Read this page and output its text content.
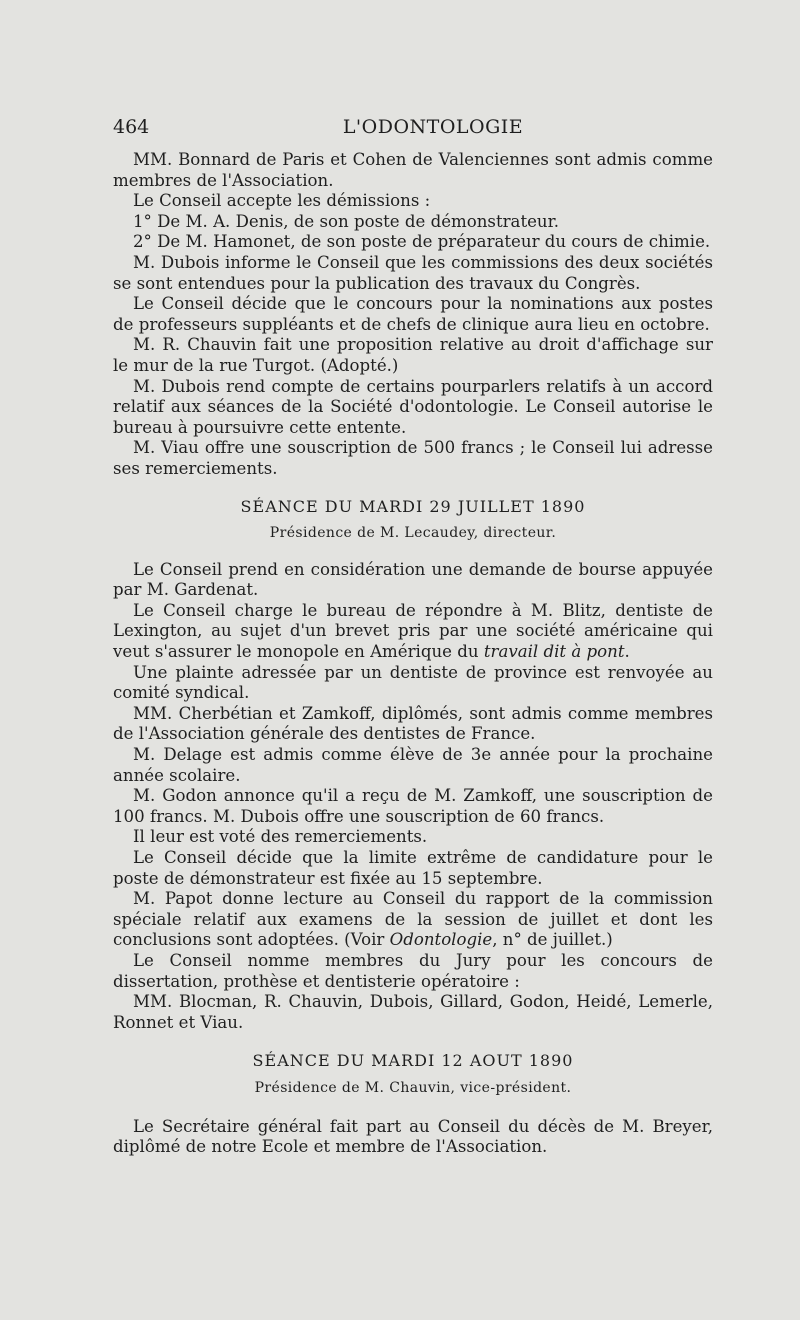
464	L'ODONTOLOGIE

MM. Bonnard de Paris et Cohen de Valenciennes sont admis comme membres de l'Association.

Le Conseil accepte les démissions :

1° De M. A. Denis, de son poste de démonstrateur.

2° De M. Hamonet, de son poste de préparateur du cours de chimie.

M. Dubois informe le Conseil que les commissions des deux sociétés se sont entendues pour la publication des travaux du Congrès.

Le Conseil décide que le concours pour la nominations aux postes de professeurs suppléants et de chefs de clinique aura lieu en octobre.

M. R. Chauvin fait une proposition relative au droit d'affichage sur le mur de la rue Turgot. (Adopté.)

M. Dubois rend compte de certains pourparlers relatifs à un accord relatif aux séances de la Société d'odontologie. Le Conseil autorise le bureau à poursuivre cette entente.

M. Viau offre une souscription de 500 francs ; le Conseil lui adresse ses remerciements.

SÉANCE DU MARDI 29 JUILLET 1890

Présidence de M. Lecaudey, directeur.

Le Conseil prend en considération une demande de bourse appuyée par M. Gardenat.

Le Conseil charge le bureau de répondre à M. Blitz, dentiste de Lexington, au sujet d'un brevet pris par une société américaine qui veut s'assurer le monopole en Amérique du travail dit à pont.

Une plainte adressée par un dentiste de province est renvoyée au comité syndical.

MM. Cherbétian et Zamkoff, diplômés, sont admis comme membres de l'Association générale des dentistes de France.

M. Delage est admis comme élève de 3e année pour la prochaine année scolaire.

M. Godon annonce qu'il a reçu de M. Zamkoff, une souscription de 100 francs. M. Dubois offre une souscription de 60 francs.

Il leur est voté des remerciements.

Le Conseil décide que la limite extrême de candidature pour le poste de démonstrateur est fixée au 15 septembre.

M. Papot donne lecture au Conseil du rapport de la commission spéciale relatif aux examens de la session de juillet et dont les conclusions sont adoptées. (Voir Odontologie, n° de juillet.)

Le Conseil nomme membres du Jury pour les concours de dissertation, prothèse et dentisterie opératoire :

MM. Blocman, R. Chauvin, Dubois, Gillard, Godon, Heidé, Lemerle, Ronnet et Viau.

SÉANCE DU MARDI 12 AOUT 1890

Présidence de M. Chauvin, vice-président.

Le Secrétaire général fait part au Conseil du décès de M. Breyer, diplômé de notre Ecole et membre de l'Association.
